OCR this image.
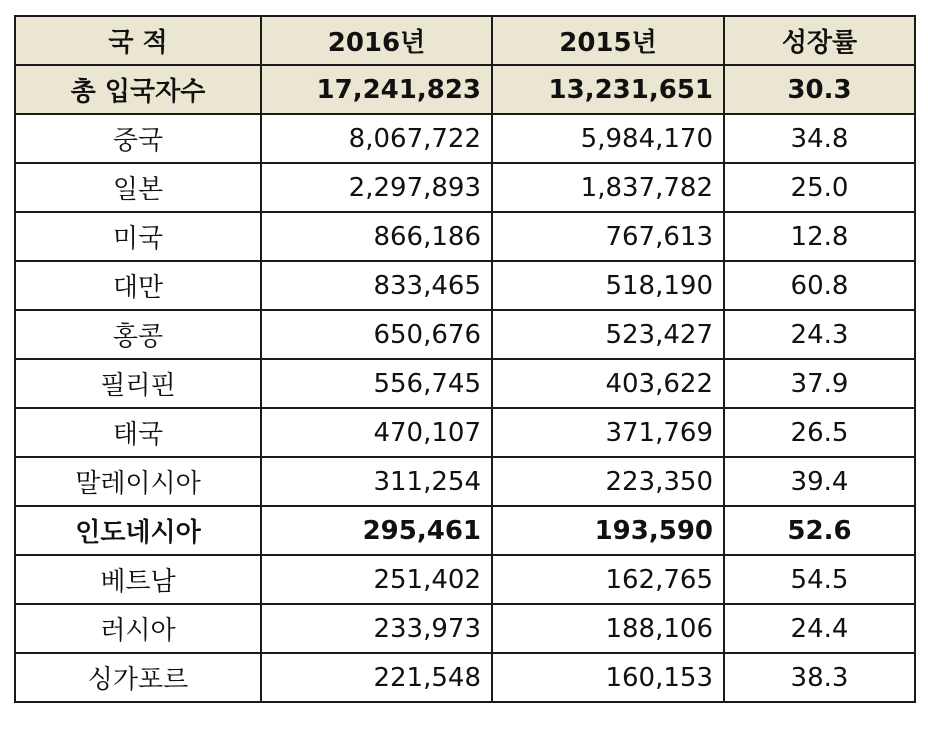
국 적	2016년	2015년	성장률
총 입국자수	17,241,823	13,231,651	30.3
중국	8,067,722	5,984,170	34.8
일본	2,297,893	1,837,782	25.0
미국	866,186	767,613	12.8
대만	833,465	518,190	60.8
홍콩	650,676	523,427	24.3
필리핀	556,745	403,622	37.9
태국	470,107	371,769	26.5
말레이시아	311,254	223,350	39.4
인도네시아	295,461	193,590	52.6
베트남	251,402	162,765	54.5
러시아	233,973	188,106	24.4
싱가포르	221,548	160,153	38.3
